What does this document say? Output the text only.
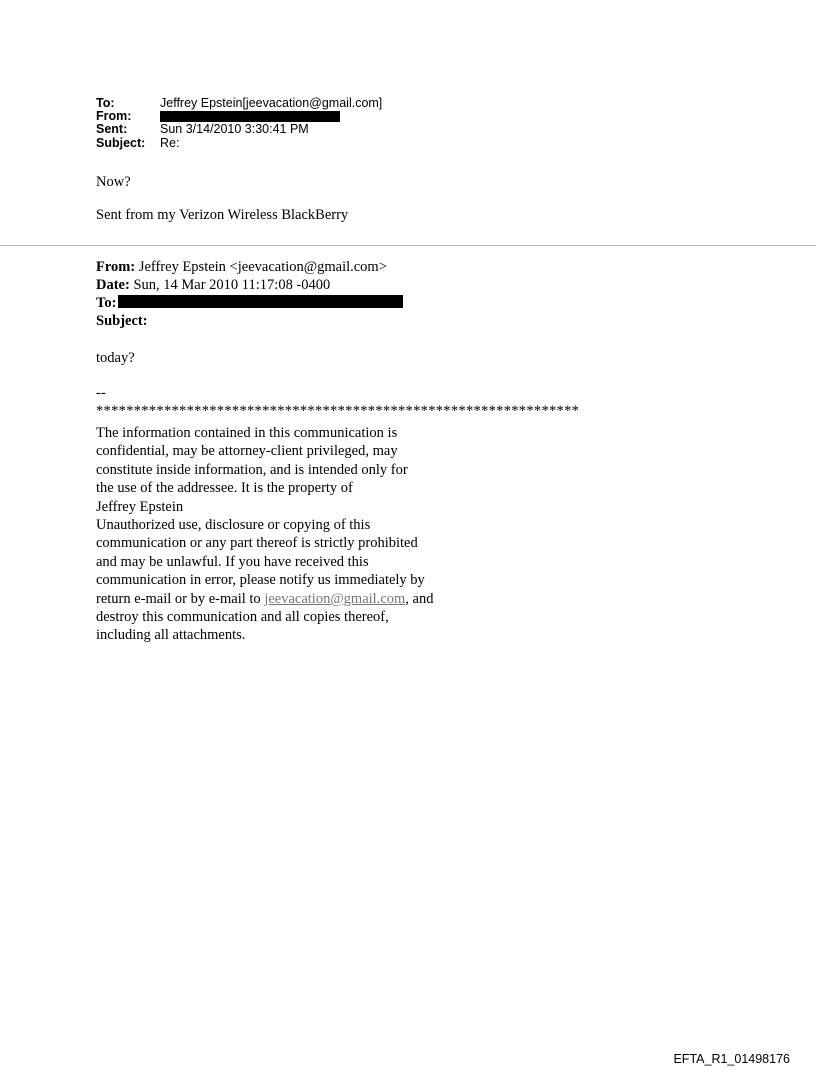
To:	Jeffrey Epstein[jeevacation@gmail.com]
From:
Sent:	Sun 3/14/2010 3:30:41 PM
Subject: Re:
Now?
Sent from my Verizon Wireless BlackBerry
From: Jeffrey Epstein <jeevacation@gmail.com>
Date: Sun, 14 Mar 2010 11:17:08 -0400
To:
Subject:
today?
--
****************************************************************
The information contained in this communication is
confidential, may be attorney-client privileged, may
constitute inside information, and is intended only for
the use of the addressee. It is the property of
Jeffrey Epstein
Unauthorized use, disclosure or copying of this
communication or any part thereof is strictly prohibited
and may be unlawful. If you have received this
communication in error, please notify us immediately by
return e-mail or by e-mail to jeevacation@gmail.com, and
destroy this communication and all copies thereof,
including all attachments.
EFTA_R1_01498176
